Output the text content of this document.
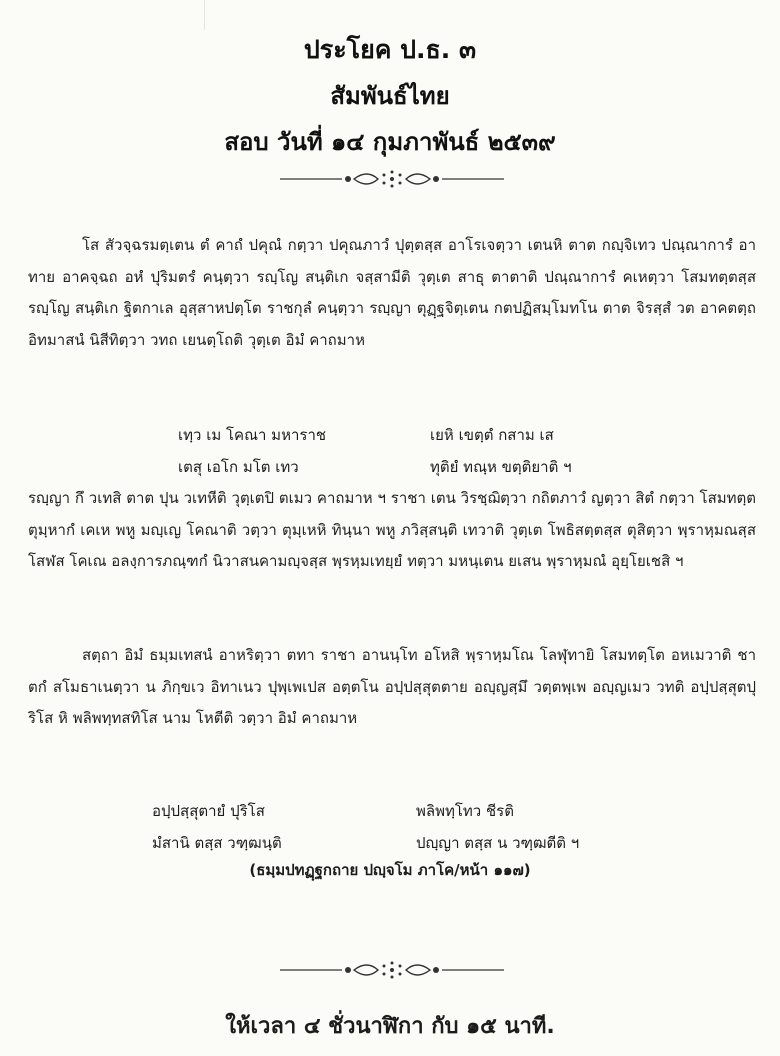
ประโยค ป.ธ. ๓
สัมพันธ์ไทย
สอบ วันที่ ๑๔ กุมภาพันธ์ ๒๕๓๙
โส สัวจฺฉรมตฺเตน ตํ คาถํ ปคุณํ กตฺวา ปคุณภาวํ ปุตฺตสฺส อาโรเจตฺวา เตนหิ ตาต กญฺจิเทว ปณฺณาการํ อาทาย อาคจฺฉถ อหํ ปุริมตรํ คนฺตฺวา รญฺโญ สนฺติเก จสฺสามีติ วุตฺเต สาธุ ตาตาติ ปณฺณาการํ คเหตฺวา โสมทตฺตสฺส รญฺโญ สนฺติเก ฐิตกาเล อุสฺสาหปตฺโต ราชกุลํ คนฺตฺวา รญฺญา ตุฏฺฐจิตฺเตน กตปฏิสมฺโมทโน ตาต จิรสฺสํ วต อาคตตฺถ อิทมาสนํ นิสีทิตฺวา วทถ เยนตฺโถติ วุตฺเต อิมํ คาถมาห
เทฺว เม โคณา มหาราช	เยหิ เขตฺตํ กสาม เส
เตสุ เอโก มโต เทว	ทุติยํ ทณฺห ขตฺติยาติ ฯ
รญฺญา กึ วเทสิ ตาต ปุน วเทหีติ วุตฺเตปิ ตเมว คาถมาห ฯ ราชา เตน วิรชฺฌิตฺวา กถิตภาวํ ญตฺวา สิตํ กตฺวา โสมทตฺต ตุมฺหากํ เคเห พหู มญฺเญ โคณาติ วตฺวา ตุมฺเหหิ ทินฺนา พหู ภวิสฺสนฺติ เทวาติ วุตฺเต โพธิสตฺตสฺส ตุสิตฺวา พฺราหฺมณสฺส โสฬส โคเณ อลงฺการภณฺฑกํ นิวาสนคามญฺจสฺส พฺรหฺมเทยฺยํ ทตฺวา มหนฺเตน ยเสน พฺราหฺมณํ อุยฺโยเชสิ ฯ
สตฺถา อิมํ ธมฺมเทสนํ อาหริตฺวา ตทา ราชา อานนฺโท อโหสิ พฺราหฺมโณ โลฬุทายิ โสมทตฺโต อหเมวาติ ชาตกํ สโมธาเนตฺวา น ภิกฺขเว อิทาเนว ปุพฺเพเปส อตฺตโน อปฺปสฺสุตตาย อญฺญสฺมึ วตฺตพฺเพ อญฺญเมว วทติ อปฺปสฺสุตปุริโส หิ พลิพทฺทสทิโส นาม โหตีติ วตฺวา อิมํ คาถมาห
อปฺปสฺสุตายํ ปุริโส	พลิพทฺโทว ชีรติ
มํสานิ ตสฺส วฑฺฒนฺติ	ปญฺญา ตสฺส น วฑฺฒตีติ ฯ
(ธมฺมปทฏฺฐกถาย ปญฺจโม ภาโค/หน้า ๑๑๗)
ให้เวลา ๔ ชั่วนาฬิกา กับ ๑๕ นาที.
